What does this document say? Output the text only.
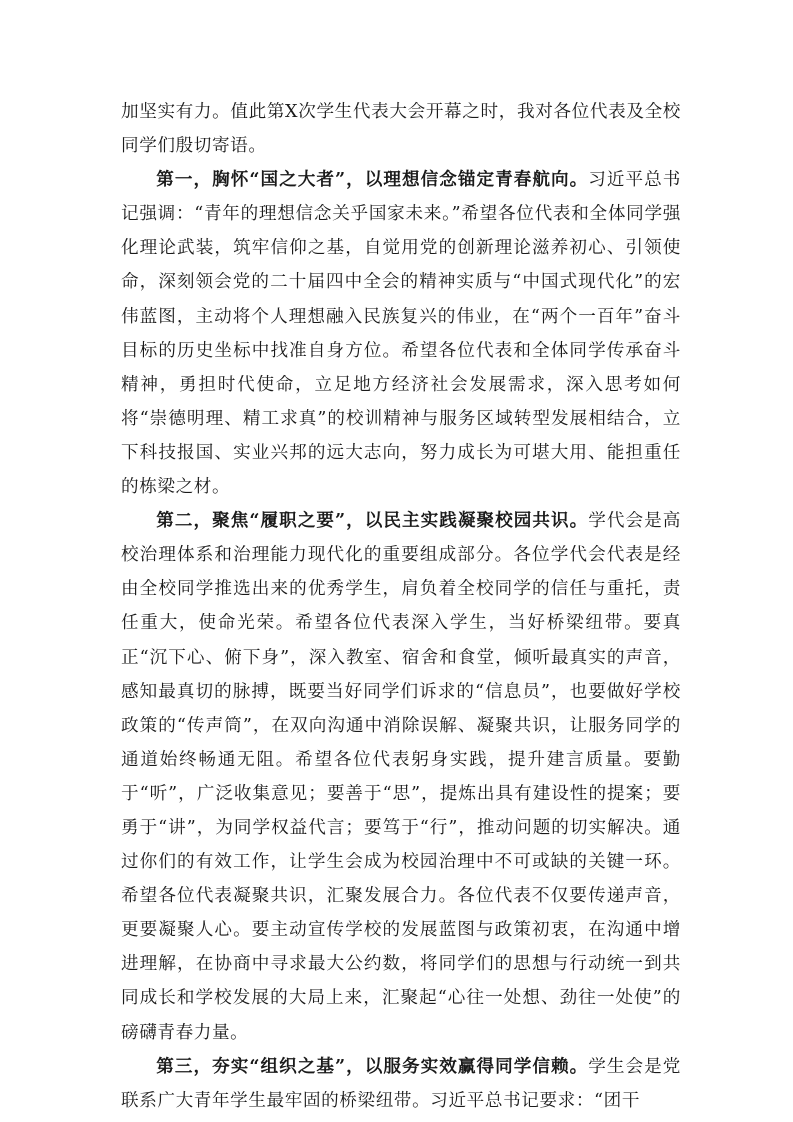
加坚实有力。值此第X次学生代表大会开幕之时，我对各位代表及全校同学们殷切寄语。

第一，胸怀“国之大者”，以理想信念锚定青春航向。习近平总书记强调：“青年的理想信念关乎国家未来。”希望各位代表和全体同学强化理论武装，筑牢信仰之基，自觉用党的创新理论滋养初心、引领使命，深刻领会党的二十届四中全会的精神实质与“中国式现代化”的宏伟蓝图，主动将个人理想融入民族复兴的伟业，在“两个一百年”奋斗目标的历史坐标中找准自身方位。希望各位代表和全体同学传承奋斗精神，勇担时代使命，立足地方经济社会发展需求，深入思考如何将“崇德明理、精工求真”的校训精神与服务区域转型发展相结合，立下科技报国、实业兴邦的远大志向，努力成长为可堪大用、能担重任的栋梁之材。

第二，聚焦“履职之要”，以民主实践凝聚校园共识。学代会是高校治理体系和治理能力现代化的重要组成部分。各位学代会代表是经由全校同学推选出来的优秀学生，肩负着全校同学的信任与重托，责任重大，使命光荣。希望各位代表深入学生，当好桥梁纽带。要真正“沉下心、俯下身”，深入教室、宿舍和食堂，倾听最真实的声音，感知最真切的脉搏，既要当好同学们诉求的“信息员”，也要做好学校政策的“传声筒”，在双向沟通中消除误解、凝聚共识，让服务同学的通道始终畅通无阻。希望各位代表躬身实践，提升建言质量。要勤于“听”，广泛收集意见；要善于“思”，提炼出具有建设性的提案；要勇于“讲”，为同学权益代言；要笃于“行”，推动问题的切实解决。通过你们的有效工作，让学生会成为校园治理中不可或缺的关键一环。希望各位代表凝聚共识，汇聚发展合力。各位代表不仅要传递声音，更要凝聚人心。要主动宣传学校的发展蓝图与政策初衷，在沟通中增进理解，在协商中寻求最大公约数，将同学们的思想与行动统一到共同成长和学校发展的大局上来，汇聚起“心往一处想、劲往一处使”的磅礴青春力量。

第三，夯实“组织之基”，以服务实效赢得同学信赖。学生会是党联系广大青年学生最牢固的桥梁纽带。习近平总书记要求：“团干
